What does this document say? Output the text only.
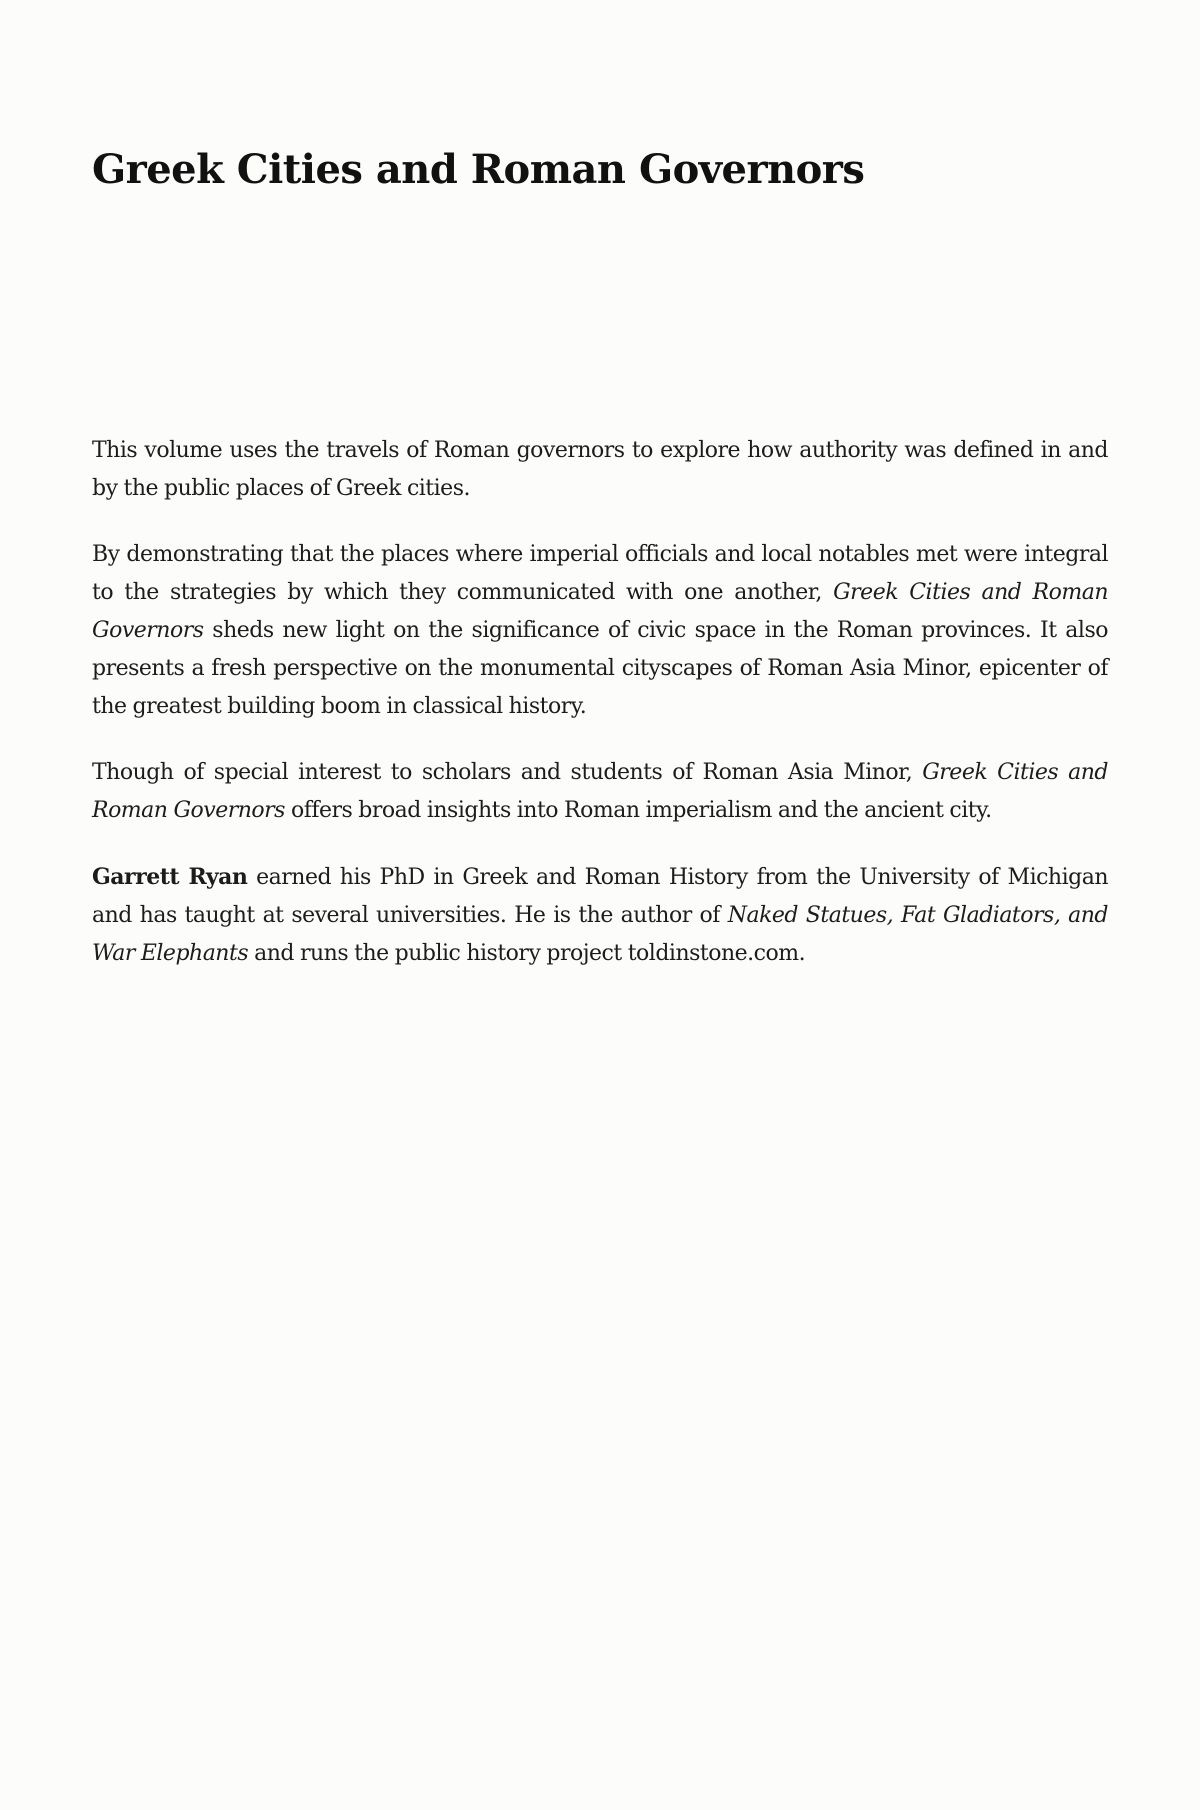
Greek Cities and Roman Governors

This volume uses the travels of Roman governors to explore how authority was defined in and by the public places of Greek cities.

By demonstrating that the places where imperial officials and local notables met were integral to the strategies by which they communicated with one another, Greek Cities and Roman Governors sheds new light on the significance of civic space in the Roman provinces. It also presents a fresh perspective on the monumental cityscapes of Roman Asia Minor, epicenter of the greatest building boom in classical history.

Though of special interest to scholars and students of Roman Asia Minor, Greek Cities and Roman Governors offers broad insights into Roman imperialism and the ancient city.

Garrett Ryan earned his PhD in Greek and Roman History from the University of Michigan and has taught at several universities. He is the author of Naked Statues, Fat Gladiators, and War Elephants and runs the public history project toldinstone.com.
